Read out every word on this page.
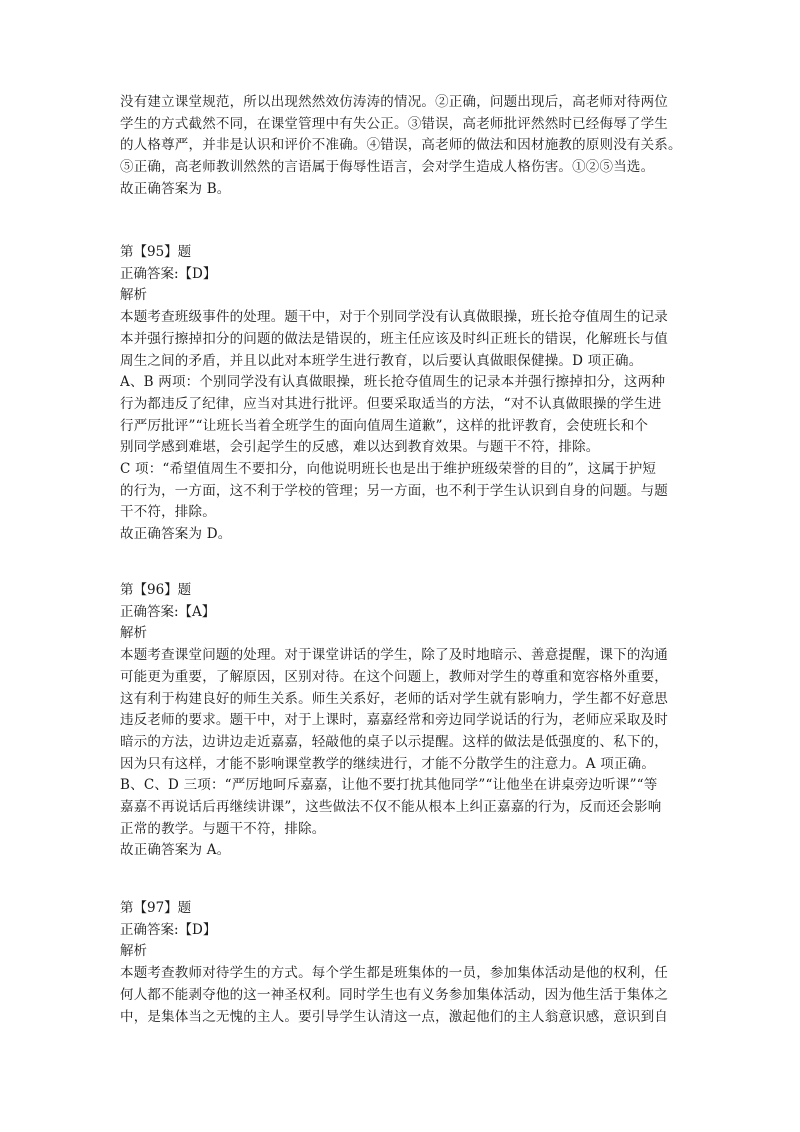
没有建立课堂规范，所以出现然然效仿涛涛的情况。②正确，问题出现后，高老师对待两位
学生的方式截然不同，在课堂管理中有失公正。③错误，高老师批评然然时已经侮辱了学生
的人格尊严，并非是认识和评价不准确。④错误，高老师的做法和因材施教的原则没有关系。
⑤正确，高老师教训然然的言语属于侮辱性语言，会对学生造成人格伤害。①②⑤当选。
故正确答案为 B。

第【95】题

正确答案:【D】

解析

本题考查班级事件的处理。题干中，对于个别同学没有认真做眼操，班长抢夺值周生的记录
本并强行擦掉扣分的问题的做法是错误的，班主任应该及时纠正班长的错误，化解班长与值
周生之间的矛盾，并且以此对本班学生进行教育，以后要认真做眼保健操。D 项正确。
A、B 两项：个别同学没有认真做眼操，班长抢夺值周生的记录本并强行擦掉扣分，这两种
行为都违反了纪律，应当对其进行批评。但要采取适当的方法，“对不认真做眼操的学生进
行严厉批评”“让班长当着全班学生的面向值周生道歉”，这样的批评教育，会使班长和个
别同学感到难堪，会引起学生的反感，难以达到教育效果。与题干不符，排除。
C 项：“希望值周生不要扣分，向他说明班长也是出于维护班级荣誉的目的”，这属于护短
的行为，一方面，这不利于学校的管理；另一方面，也不利于学生认识到自身的问题。与题
干不符，排除。
故正确答案为 D。

第【96】题

正确答案:【A】

解析

本题考查课堂问题的处理。对于课堂讲话的学生，除了及时地暗示、善意提醒，课下的沟通
可能更为重要，了解原因，区别对待。在这个问题上，教师对学生的尊重和宽容格外重要，
这有利于构建良好的师生关系。师生关系好，老师的话对学生就有影响力，学生都不好意思
违反老师的要求。题干中，对于上课时，嘉嘉经常和旁边同学说话的行为，老师应采取及时
暗示的方法，边讲边走近嘉嘉，轻敲他的桌子以示提醒。这样的做法是低强度的、私下的，
因为只有这样，才能不影响课堂教学的继续进行，才能不分散学生的注意力。A 项正确。
B、C、D 三项：“严厉地呵斥嘉嘉，让他不要打扰其他同学”“让他坐在讲桌旁边听课”“等
嘉嘉不再说话后再继续讲课”，这些做法不仅不能从根本上纠正嘉嘉的行为，反而还会影响
正常的教学。与题干不符，排除。
故正确答案为 A。

第【97】题

正确答案:【D】

解析

本题考查教师对待学生的方式。每个学生都是班集体的一员，参加集体活动是他的权利，任
何人都不能剥夺他的这一神圣权利。同时学生也有义务参加集体活动，因为他生活于集体之
中，是集体当之无愧的主人。要引导学生认清这一点，激起他们的主人翁意识感，意识到自
